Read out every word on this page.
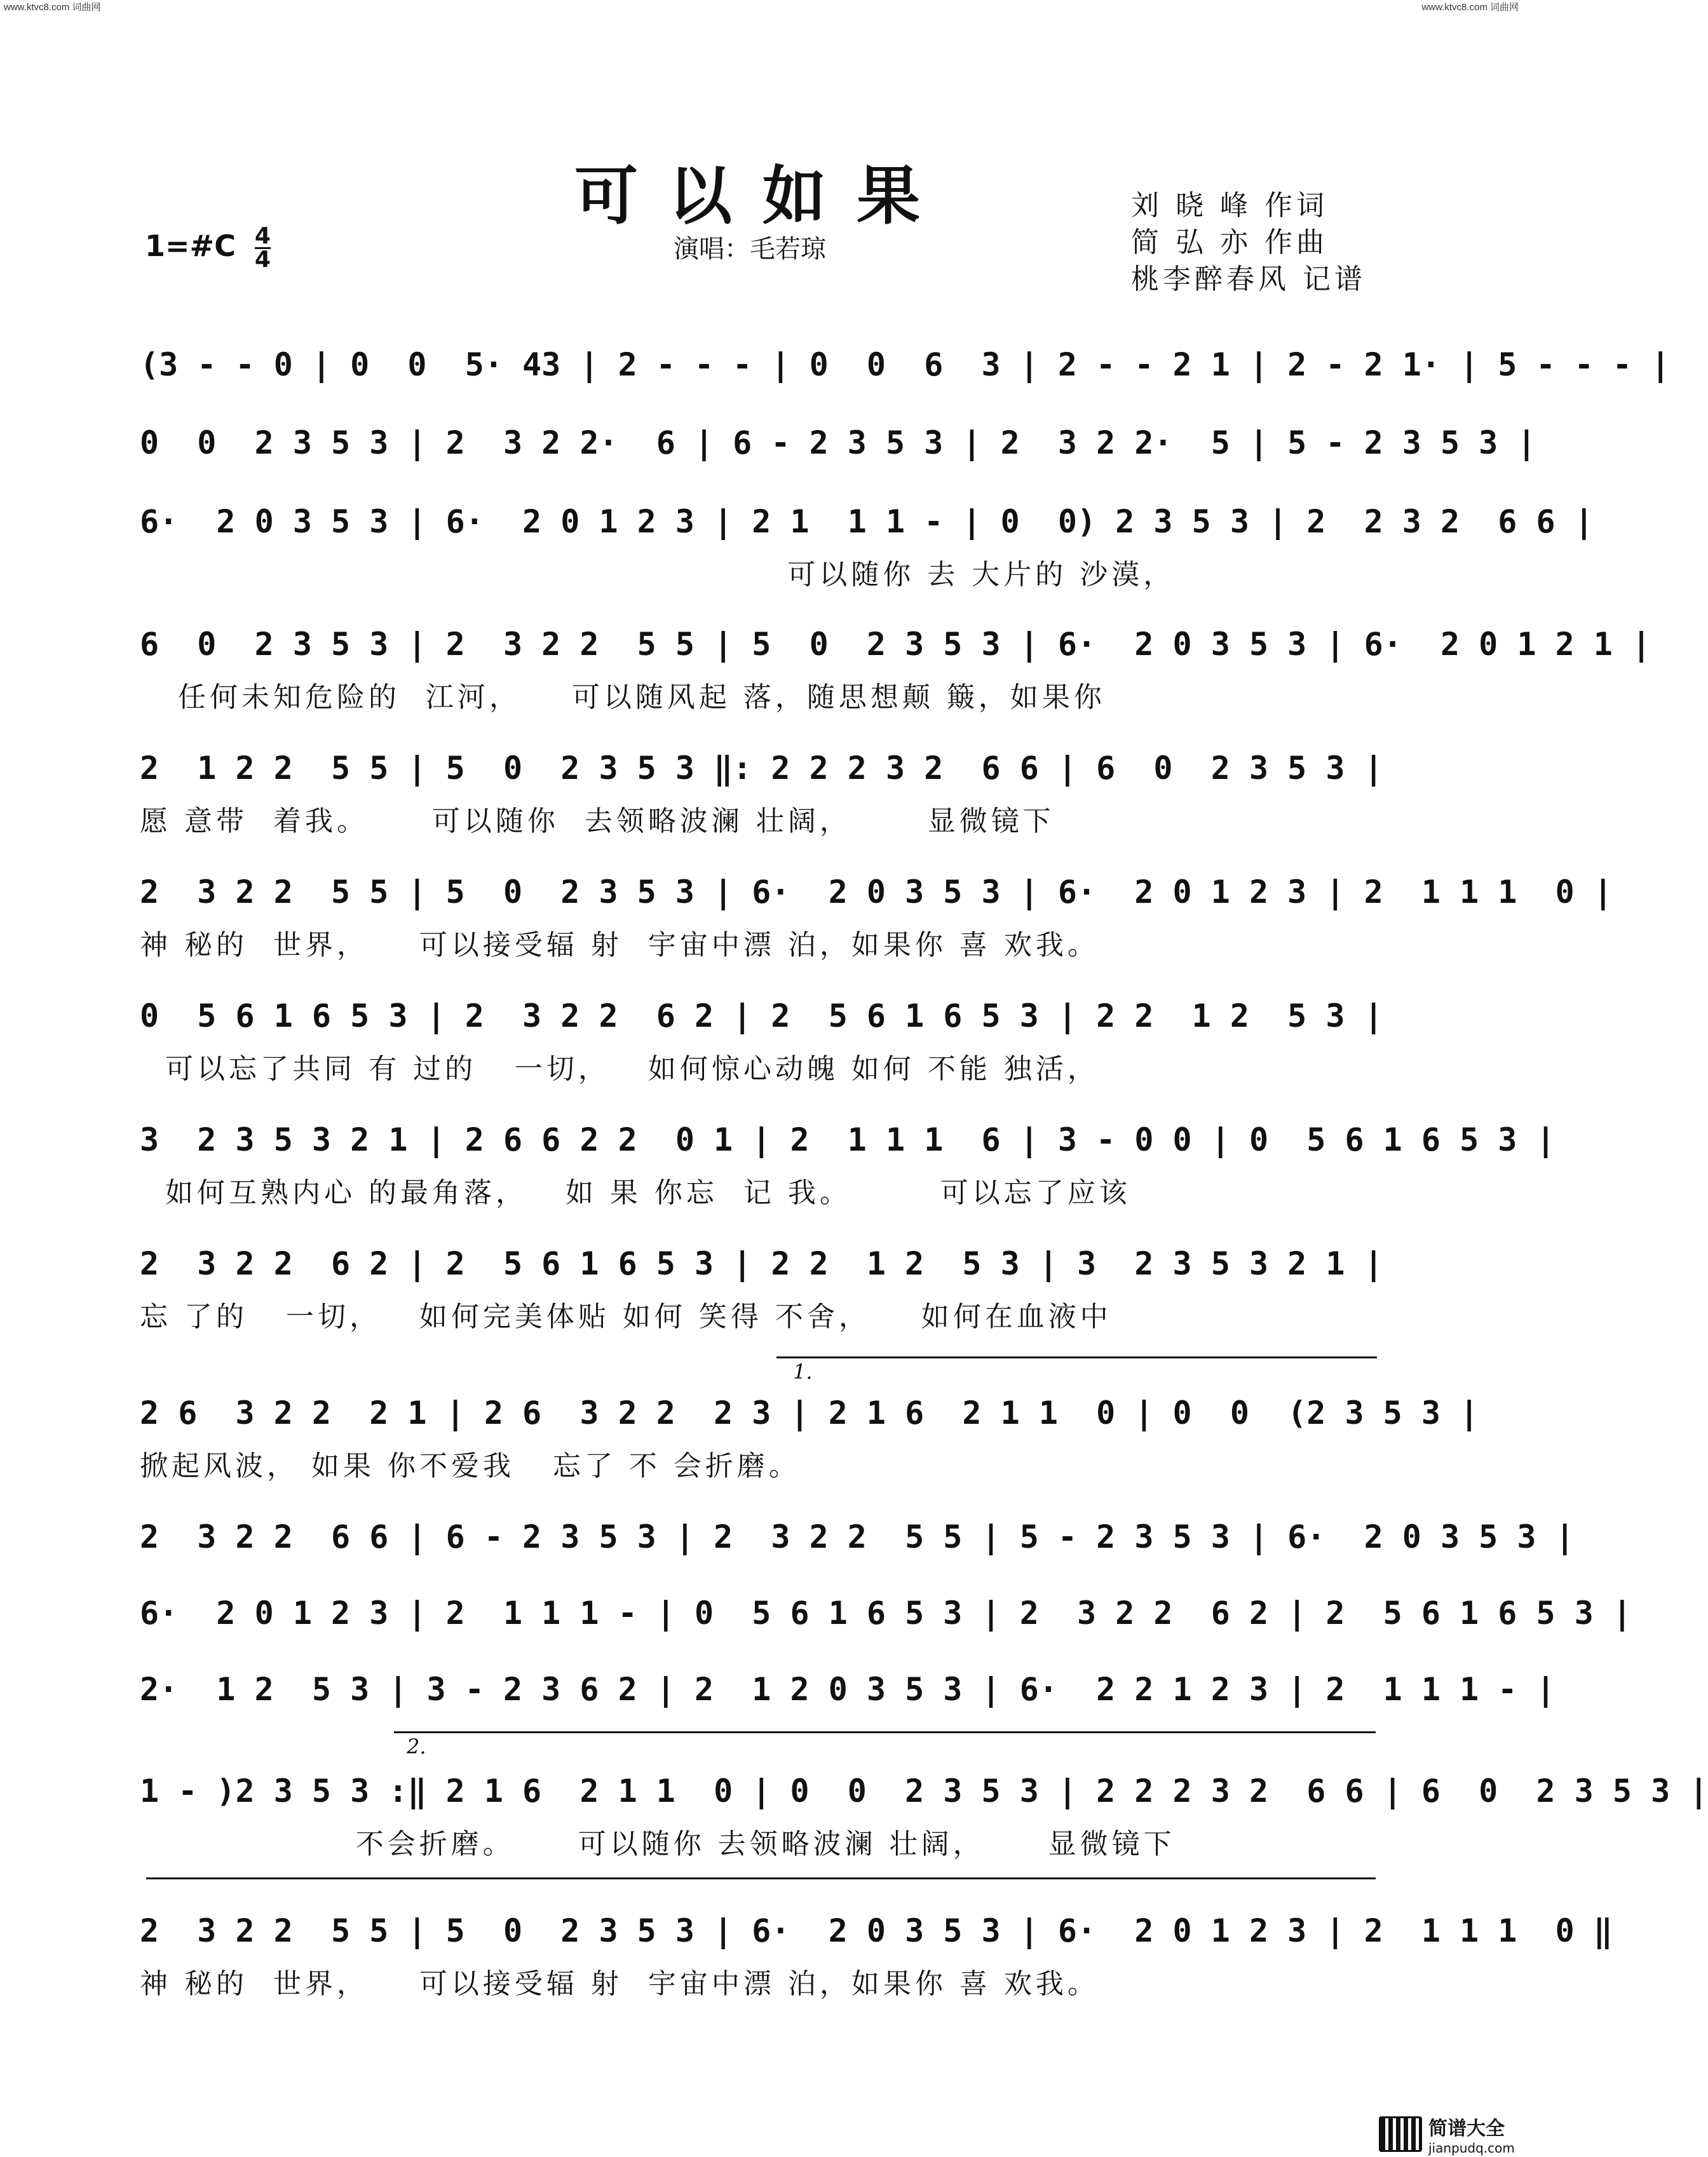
www.ktvc8.com 词曲网	www.ktvc8.com 词曲网
可以如果
1=#C $\frac{4}{4}$	演唱：毛若琼
刘 晓 峰 作词
简 弘 亦 作曲
桃李醉春风 记谱
(3 - - 0 | 0  0  5· 43 | 2 - - - | 0  0  6  3 | 2 - - 2 1 | 2 - 2 1· | 5 - - - |
0  0  2 3 5 3 | 2  3 2 2·  6 | 6 - 2 3 5 3 | 2  3 2 2·  5 | 5 - 2 3 5 3 |
6·  2 0 3 5 3 | 6·  2 0 1 2 3 | 2 1  1 1 - | 0  0) 2 3 5 3 | 2  2 3 2  6 6 |
可以随你 去 大片的 沙漠，
6  0  2 3 5 3 | 2  3 2 2  5 5 | 5  0  2 3 5 3 | 6·  2 0 3 5 3 | 6·  2 0 1 2 1 |
任何未知危险的  江河，    可以随风起 落，随思想颠 簸，如果你
2  1 2 2  5 5 | 5  0  2 3 5 3 ‖: 2 2 2 3 2  6 6 | 6  0  2 3 5 3 |
愿 意带  着我。     可以随你  去领略波澜 壮阔，      显微镜下
2  3 2 2  5 5 | 5  0  2 3 5 3 | 6·  2 0 3 5 3 | 6·  2 0 1 2 3 | 2  1 1 1  0 |
神 秘的  世界，    可以接受辐 射  宇宙中漂 泊，如果你 喜 欢我。
0  5 6 1 6 5 3 | 2  3 2 2  6 2 | 2  5 6 1 6 5 3 | 2 2  1 2  5 3 |
可以忘了共同 有 过的   一切，   如何惊心动魄 如何 不能 独活，
3  2 3 5 3 2 1 | 2 6 6 2 2  0 1 | 2  1 1 1  6 | 3 - 0 0 | 0  5 6 1 6 5 3 |
如何互熟内心 的最角落，   如 果 你忘  记 我。       可以忘了应该
2  3 2 2  6 2 | 2  5 6 1 6 5 3 | 2 2  1 2  5 3 | 3  2 3 5 3 2 1 |
忘 了的   一切，   如何完美体贴 如何 笑得 不舍，    如何在血液中
1.
2 6  3 2 2  2 1 | 2 6  3 2 2  2 3 | 2 1 6  2 1 1  0 | 0  0  (2 3 5 3 |
掀起风波， 如果 你不爱我   忘了 不 会折磨。
2  3 2 2  6 6 | 6 - 2 3 5 3 | 2  3 2 2  5 5 | 5 - 2 3 5 3 | 6·  2 0 3 5 3 |
6·  2 0 1 2 3 | 2  1 1 1 - | 0  5 6 1 6 5 3 | 2  3 2 2  6 2 | 2  5 6 1 6 5 3 |
2·  1 2  5 3 | 3 - 2 3 6 2 | 2  1 2 0 3 5 3 | 6·  2 2 1 2 3 | 2  1 1 1 - |
2.
1 - )2 3 5 3 :‖ 2 1 6  2 1 1  0 | 0  0  2 3 5 3 | 2 2 2 3 2  6 6 | 6  0  2 3 5 3 |
不会折磨。     可以随你 去领略波澜 壮阔，     显微镜下
2  3 2 2  5 5 | 5  0  2 3 5 3 | 6·  2 0 3 5 3 | 6·  2 0 1 2 3 | 2  1 1 1  0 ‖
神 秘的  世界，    可以接受辐 射  宇宙中漂 泊，如果你 喜 欢我。
简谱大全
jianpudq.com
